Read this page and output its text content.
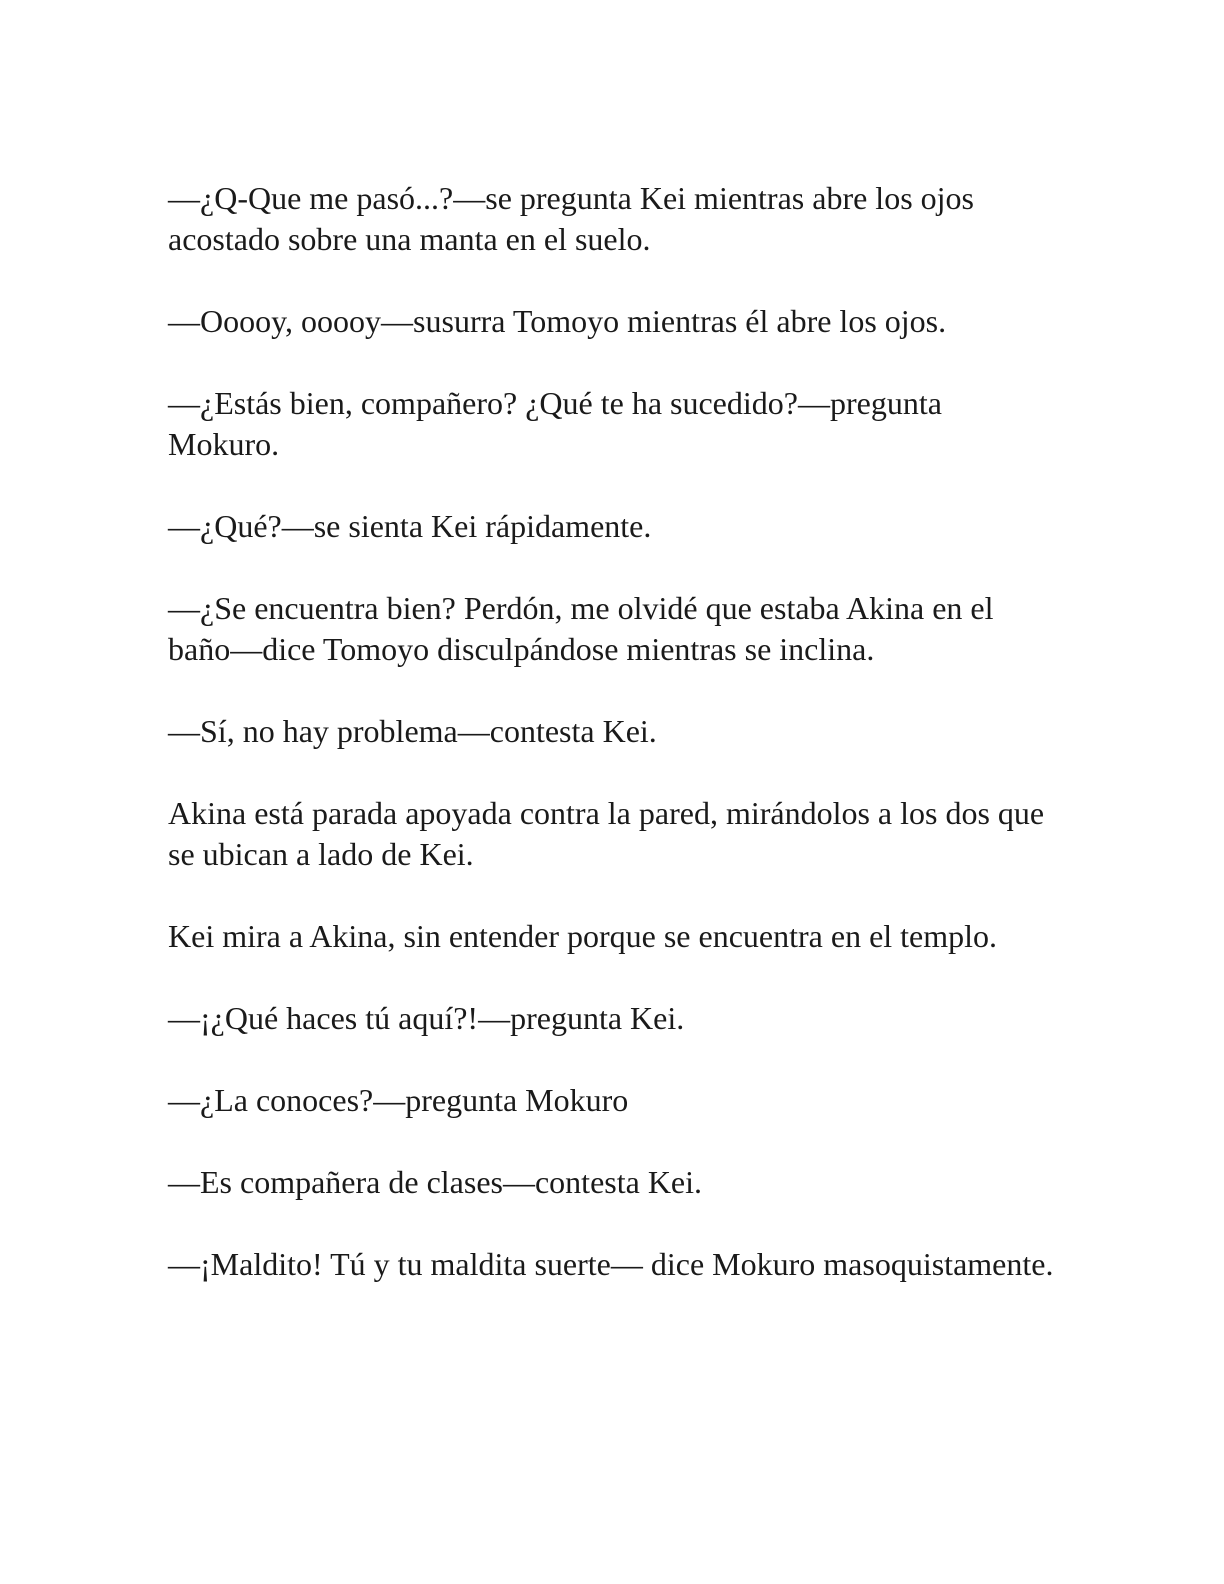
—¿Q-Que me pasó...?—se pregunta Kei mientras abre los ojos acostado sobre una manta en el suelo.

—Ooooy, ooooy—susurra Tomoyo mientras él abre los ojos.

—¿Estás bien, compañero? ¿Qué te ha sucedido?—pregunta Mokuro.

—¿Qué?—se sienta Kei rápidamente.

—¿Se encuentra bien? Perdón, me olvidé que estaba Akina en el baño—dice Tomoyo disculpándose mientras se inclina.

—Sí, no hay problema—contesta Kei.

Akina está parada apoyada contra la pared, mirándolos a los dos que se ubican a lado de Kei.

Kei mira a Akina, sin entender porque se encuentra en el templo.

—¡¿Qué haces tú aquí?!—pregunta Kei.

—¿La conoces?—pregunta Mokuro

—Es compañera de clases—contesta Kei.

—¡Maldito! Tú y tu maldita suerte— dice Mokuro masoquistamente.
